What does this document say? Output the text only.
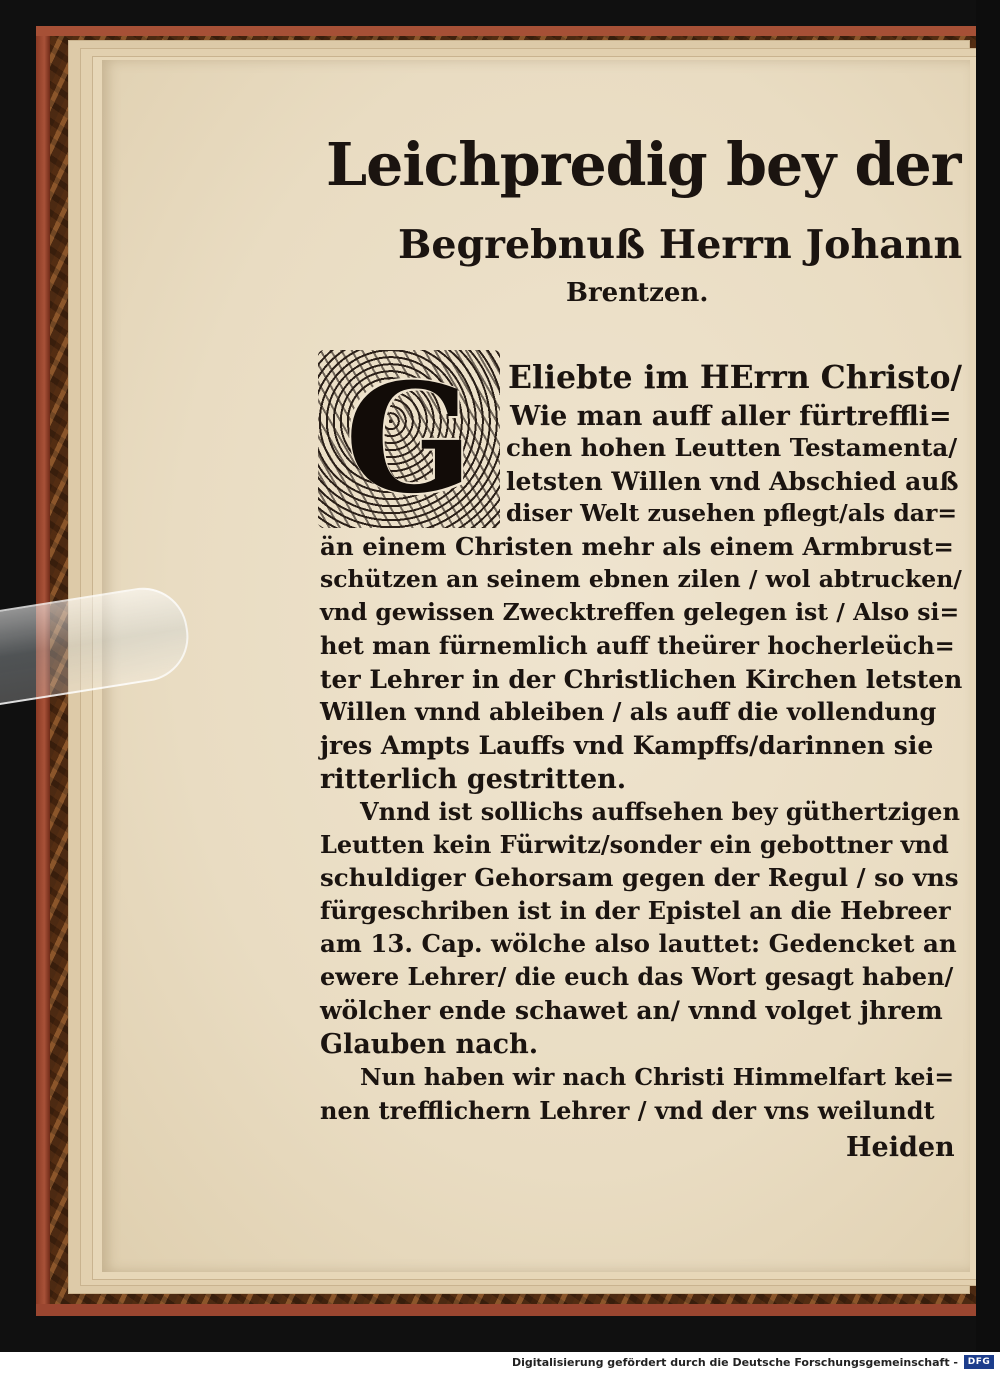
Leichpredig bey der
Begrebnuß Herrn Johann
Brentzen.
G	Eliebte im HErrn Christo/
Wie man auff aller fürtreffli=
chen hohen Leutten Testamenta/
letsten Willen vnd Abschied auß
diser Welt zusehen pflegt/als dar=
än einem Christen mehr als einem Armbrust=
schützen an seinem ebnen zilen / wol abtrucken/
vnd gewissen Zwecktreffen gelegen ist / Also si=
het man fürnemlich auff theürer hocherleüch=
ter Lehrer in der Christlichen Kirchen letsten
Willen vnnd ableiben / als auff die vollendung
jres Ampts Lauffs vnd Kampffs/darinnen sie
ritterlich gestritten.
Vnnd ist sollichs auffsehen bey güthertzigen
Leutten kein Fürwitz/sonder ein gebottner vnd
schuldiger Gehorsam gegen der Regul / so vns
fürgeschriben ist in der Epistel an die Hebreer
am 13. Cap. wölche also lauttet: Gedencket an
ewere Lehrer/ die euch das Wort gesagt haben/
wölcher ende schawet an/ vnnd volget jhrem
Glauben nach.
Nun haben wir nach Christi Himmelfart kei=
nen trefflichern Lehrer / vnd der vns weilundt
Heiden
Digitalisierung gefördert durch die Deutsche Forschungsgemeinschaft -	DFG
